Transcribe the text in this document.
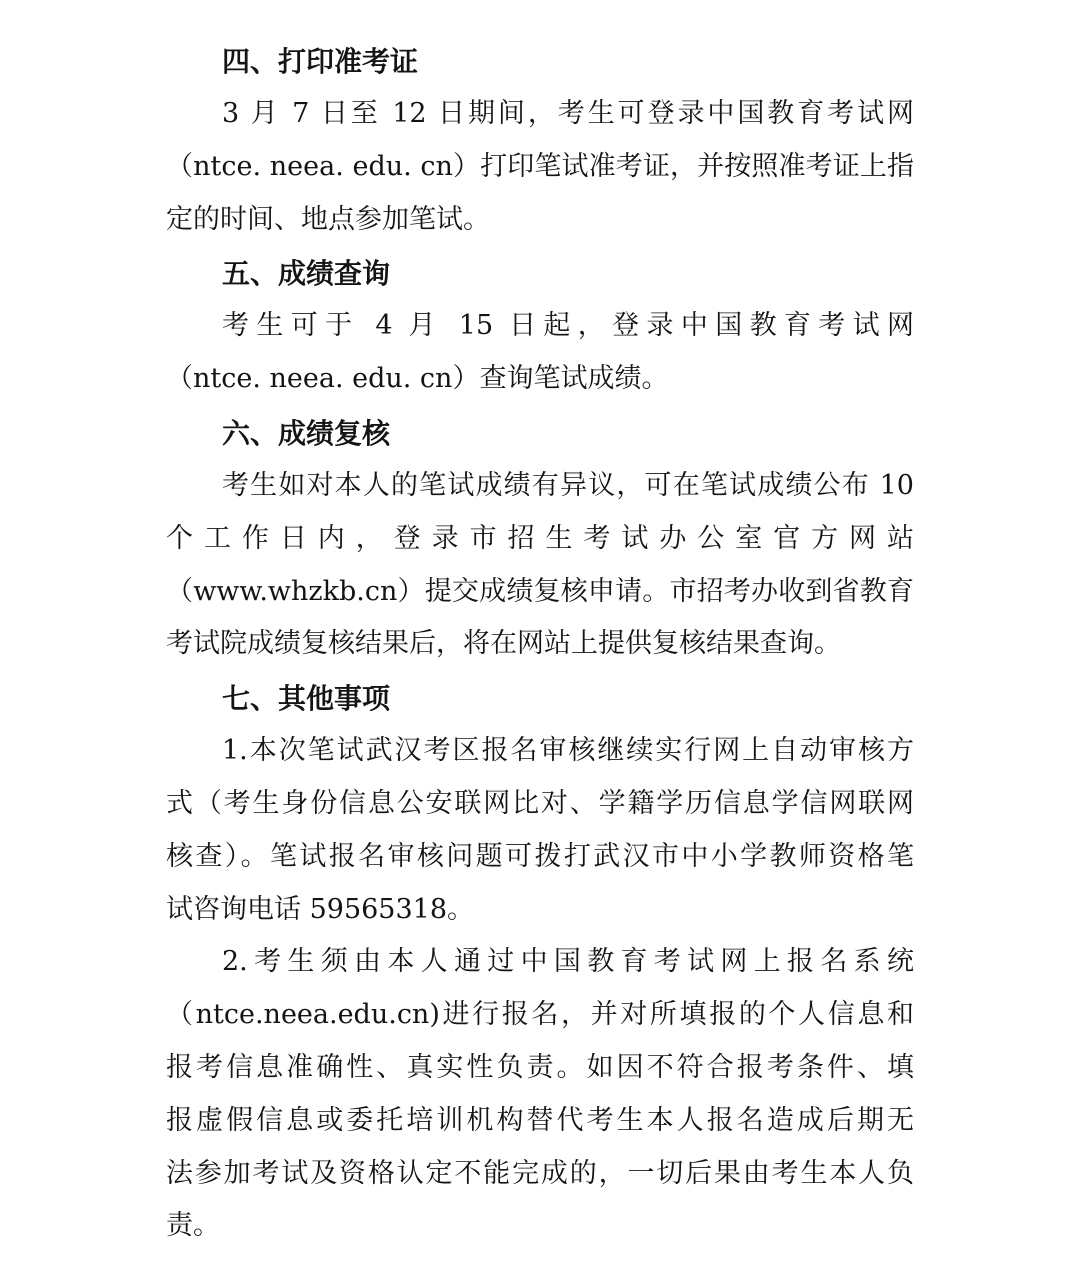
四、打印准考证

3 月 7 日至 12 日期间，考生可登录中国教育考试网
（ntce. neea. edu. cn）打印笔试准考证，并按照准考证上指
定的时间、地点参加笔试。

五、成绩查询

考生可于 4 月 15 日起，登录中国教育考试网
（ntce. neea. edu. cn）查询笔试成绩。

六、成绩复核

考生如对本人的笔试成绩有异议，可在笔试成绩公布 10
个工作日内，登录市招生考试办公室官方网站
（www.whzkb.cn）提交成绩复核申请。市招考办收到省教育
考试院成绩复核结果后，将在网站上提供复核结果查询。

七、其他事项

1.本次笔试武汉考区报名审核继续实行网上自动审核方
式（考生身份信息公安联网比对、学籍学历信息学信网联网
核查）。笔试报名审核问题可拨打武汉市中小学教师资格笔
试咨询电话 59565318。

2.考生须由本人通过中国教育考试网上报名系统
（ntce.neea.edu.cn)进行报名，并对所填报的个人信息和
报考信息准确性、真实性负责。如因不符合报考条件、填
报虚假信息或委托培训机构替代考生本人报名造成后期无
法参加考试及资格认定不能完成的，一切后果由考生本人负
责。
